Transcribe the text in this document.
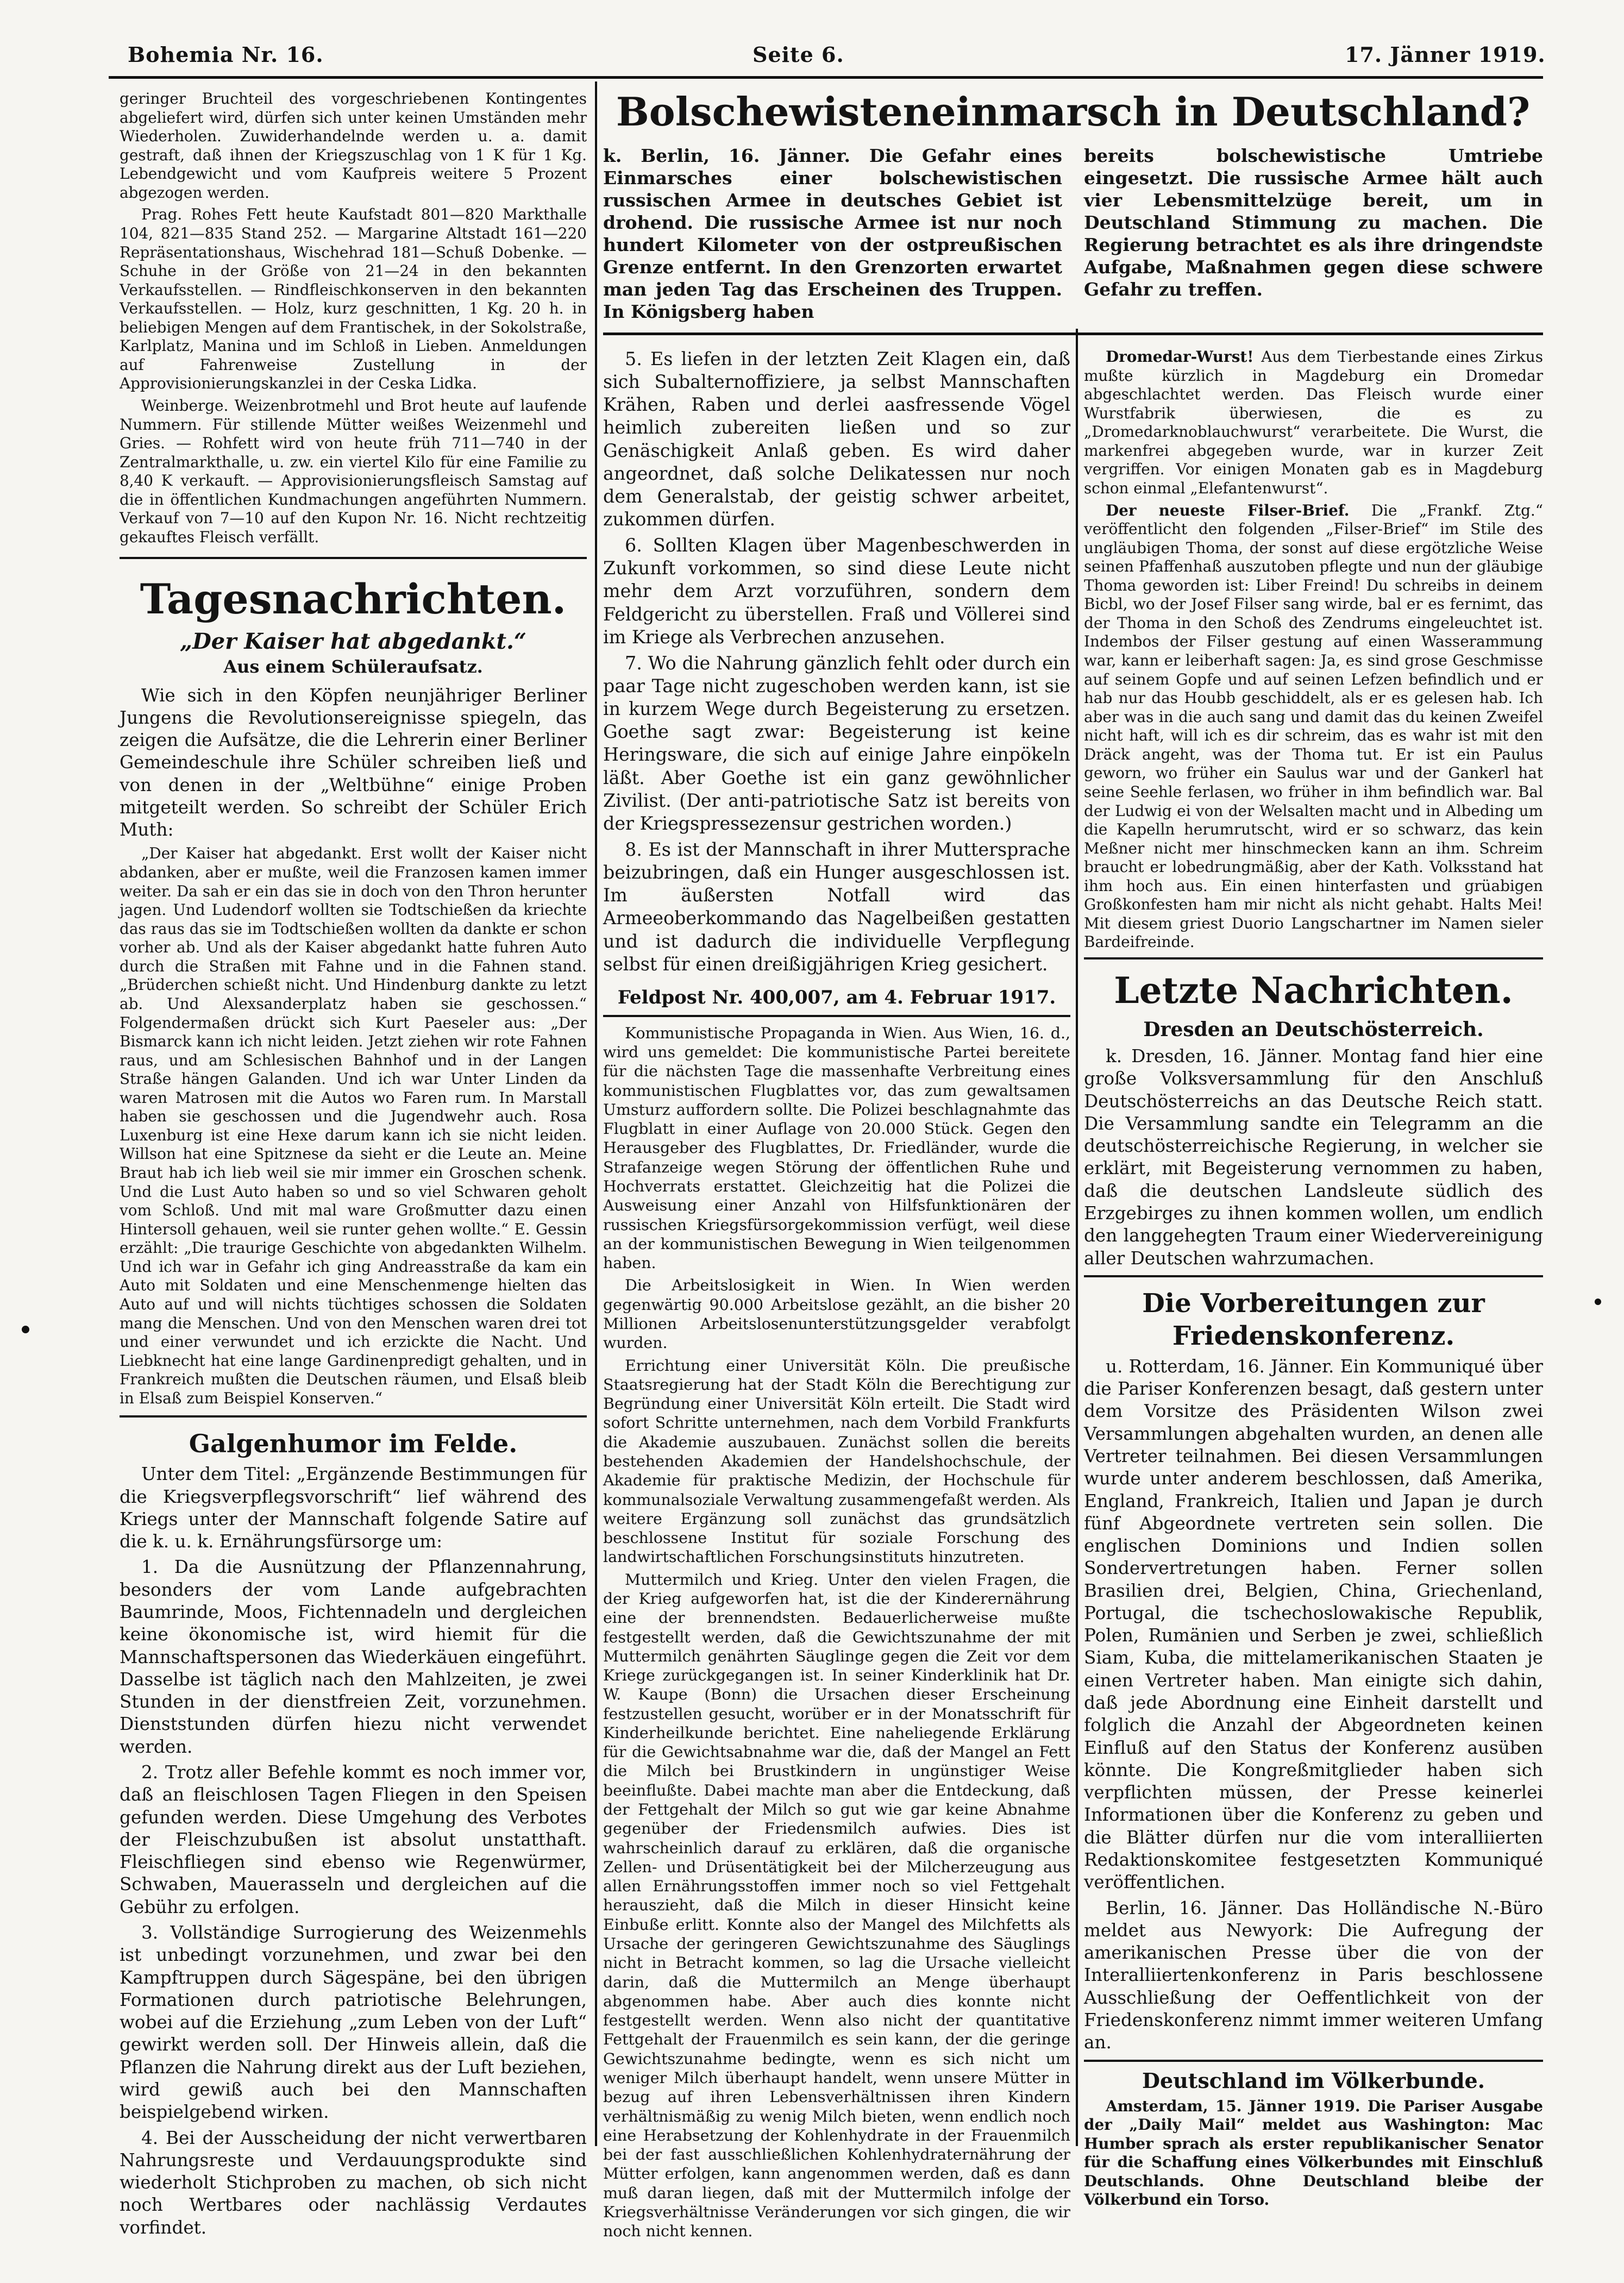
Bohemia Nr. 16.	Seite 6.	17. Jänner 1919.

geringer Bruchteil des vorgeschriebenen Kontingentes abgeliefert wird, dürfen sich unter keinen Umständen mehr Wiederholen. Zuwiderhandelnde werden u. a. damit gestraft, daß ihnen der Kriegszuschlag von 1 K für 1 Kg. Lebendgewicht und vom Kaufpreis weitere 5 Prozent abgezogen werden.

Prag. Rohes Fett heute Kaufstadt 801—820 Markthalle 104, 821—835 Stand 252. — Margarine Altstadt 161—220 Repräsentationshaus, Wischehrad 181—Schuß Dobenke. — Schuhe in der Größe von 21—24 in den bekannten Verkaufsstellen. — Rindfleischkonserven in den bekannten Verkaufsstellen. — Holz, kurz geschnitten, 1 Kg. 20 h. in beliebigen Mengen auf dem Frantischek, in der Sokolstraße, Karlplatz, Manina und im Schloß in Lieben. Anmeldungen auf Fahrenweise Zustellung in der Approvisionierungskanzlei in der Ceska Lidka.

Weinberge. Weizenbrotmehl und Brot heute auf laufende Nummern. Für stillende Mütter weißes Weizenmehl und Gries. — Rohfett wird von heute früh 711—740 in der Zentralmarkthalle, u. zw. ein viertel Kilo für eine Familie zu 8,40 K verkauft. — Approvisionierungsfleisch Samstag auf die in öffentlichen Kundmachungen angeführten Nummern. Verkauf von 7—10 auf den Kupon Nr. 16. Nicht rechtzeitig gekauftes Fleisch verfällt.

Tagesnachrichten.
„Der Kaiser hat abgedankt.“
Aus einem Schüleraufsatz.

Wie sich in den Köpfen neunjähriger Berliner Jungens die Revolutionsereignisse spiegeln, das zeigen die Aufsätze, die die Lehrerin einer Berliner Gemeindeschule ihre Schüler schreiben ließ und von denen in der „Weltbühne“ einige Proben mitgeteilt werden. So schreibt der Schüler Erich Muth:

„Der Kaiser hat abgedankt. Erst wollt der Kaiser nicht abdanken, aber er mußte, weil die Franzosen kamen immer weiter. Da sah er ein das sie in doch von den Thron herunter jagen. Und Ludendorf wollten sie Todtschießen da kriechte das raus das sie im Todtschießen wollten da dankte er schon vorher ab. Und als der Kaiser abgedankt hatte fuhren Auto durch die Straßen mit Fahne und in die Fahnen stand. „Brüderchen schießt nicht. Und Hindenburg dankte zu letzt ab. Und Alexsanderplatz haben sie geschossen.“ Folgendermaßen drückt sich Kurt Paeseler aus: „Der Bismarck kann ich nicht leiden. Jetzt ziehen wir rote Fahnen raus, und am Schlesischen Bahnhof und in der Langen Straße hängen Galanden. Und ich war Unter Linden da waren Matrosen mit die Autos wo Faren rum. In Marstall haben sie geschossen und die Jugendwehr auch. Rosa Luxenburg ist eine Hexe darum kann ich sie nicht leiden. Willson hat eine Spitznese da sieht er die Leute an. Meine Braut hab ich lieb weil sie mir immer ein Groschen schenk. Und die Lust Auto haben so und so viel Schwaren geholt vom Schloß. Und mit mal ware Großmutter dazu einen Hintersoll gehauen, weil sie runter gehen wollte.“ E. Gessin erzählt: „Die traurige Geschichte von abgedankten Wilhelm. Und ich war in Gefahr ich ging Andreasstraße da kam ein Auto mit Soldaten und eine Menschenmenge hielten das Auto auf und will nichts tüchtiges schossen die Soldaten mang die Menschen. Und von den Menschen waren drei tot und einer verwundet und ich erzickte die Nacht. Und Liebknecht hat eine lange Gardinenpredigt gehalten, und in Frankreich mußten die Deutschen räumen, und Elsaß bleib in Elsaß zum Beispiel Konserven.“

Galgenhumor im Felde.

Unter dem Titel: „Ergänzende Bestimmungen für die Kriegsverpflegsvorschrift“ lief während des Kriegs unter der Mannschaft folgende Satire auf die k. u. k. Ernährungsfürsorge um:

1. Da die Ausnützung der Pflanzennahrung, besonders der vom Lande aufgebrachten Baumrinde, Moos, Fichtennadeln und dergleichen keine ökonomische ist, wird hiemit für die Mannschaftspersonen das Wiederkäuen eingeführt. Dasselbe ist täglich nach den Mahlzeiten, je zwei Stunden in der dienstfreien Zeit, vorzunehmen. Dienststunden dürfen hiezu nicht verwendet werden.

2. Trotz aller Befehle kommt es noch immer vor, daß an fleischlosen Tagen Fliegen in den Speisen gefunden werden. Diese Umgehung des Verbotes der Fleischzubußen ist absolut unstatthaft. Fleischfliegen sind ebenso wie Regenwürmer, Schwaben, Mauerasseln und dergleichen auf die Gebühr zu erfolgen.

3. Vollständige Surrogierung des Weizenmehls ist unbedingt vorzunehmen, und zwar bei den Kampftruppen durch Sägespäne, bei den übrigen Formationen durch patriotische Belehrungen, wobei auf die Erziehung „zum Leben von der Luft“ gewirkt werden soll. Der Hinweis allein, daß die Pflanzen die Nahrung direkt aus der Luft beziehen, wird gewiß auch bei den Mannschaften beispielgebend wirken.

4. Bei der Ausscheidung der nicht verwertbaren Nahrungsreste und Verdauungsprodukte sind wiederholt Stichproben zu machen, ob sich nicht noch Wertbares oder nachlässig Verdautes vorfindet.

Bolschewisteneinmarsch in Deutschland?

k. Berlin, 16. Jänner. Die Gefahr eines Einmarsches einer bolschewistischen russischen Armee in deutsches Gebiet ist drohend. Die russische Armee ist nur noch hundert Kilometer von der ostpreußischen Grenze entfernt. In den Grenzorten erwartet man jeden Tag das Erscheinen des Truppen. In Königsberg haben

bereits bolschewistische Umtriebe eingesetzt. Die russische Armee hält auch vier Lebensmittelzüge bereit, um in Deutschland Stimmung zu machen. Die Regierung betrachtet es als ihre dringendste Aufgabe, Maßnahmen gegen diese schwere Gefahr zu treffen.

5. Es liefen in der letzten Zeit Klagen ein, daß sich Subalternoffiziere, ja selbst Mannschaften Krähen, Raben und derlei aasfressende Vögel heimlich zubereiten ließen und so zur Genäschigkeit Anlaß geben. Es wird daher angeordnet, daß solche Delikatessen nur noch dem Generalstab, der geistig schwer arbeitet, zukommen dürfen.

6. Sollten Klagen über Magenbeschwerden in Zukunft vorkommen, so sind diese Leute nicht mehr dem Arzt vorzuführen, sondern dem Feldgericht zu überstellen. Fraß und Völlerei sind im Kriege als Verbrechen anzusehen.

7. Wo die Nahrung gänzlich fehlt oder durch ein paar Tage nicht zugeschoben werden kann, ist sie in kurzem Wege durch Begeisterung zu ersetzen. Goethe sagt zwar: Begeisterung ist keine Heringsware, die sich auf einige Jahre einpökeln läßt. Aber Goethe ist ein ganz gewöhnlicher Zivilist. (Der anti-patriotische Satz ist bereits von der Kriegspressezensur gestrichen worden.)

8. Es ist der Mannschaft in ihrer Muttersprache beizubringen, daß ein Hunger ausgeschlossen ist. Im äußersten Notfall wird das Armeeoberkommando das Nagelbeißen gestatten und ist dadurch die individuelle Verpflegung selbst für einen dreißigjährigen Krieg gesichert.

Feldpost Nr. 400,007, am 4. Februar 1917.

Kommunistische Propaganda in Wien. Aus Wien, 16. d., wird uns gemeldet: Die kommunistische Partei bereitete für die nächsten Tage die massenhafte Verbreitung eines kommunistischen Flugblattes vor, das zum gewaltsamen Umsturz auffordern sollte. Die Polizei beschlagnahmte das Flugblatt in einer Auflage von 20.000 Stück. Gegen den Herausgeber des Flugblattes, Dr. Friedländer, wurde die Strafanzeige wegen Störung der öffentlichen Ruhe und Hochverrats erstattet. Gleichzeitig hat die Polizei die Ausweisung einer Anzahl von Hilfsfunktionären der russischen Kriegsfürsorgekommission verfügt, weil diese an der kommunistischen Bewegung in Wien teilgenommen haben.

Die Arbeitslosigkeit in Wien. In Wien werden gegenwärtig 90.000 Arbeitslose gezählt, an die bisher 20 Millionen Arbeitslosenunterstützungsgelder verabfolgt wurden.

Errichtung einer Universität Köln. Die preußische Staatsregierung hat der Stadt Köln die Berechtigung zur Begründung einer Universität Köln erteilt. Die Stadt wird sofort Schritte unternehmen, nach dem Vorbild Frankfurts die Akademie auszubauen. Zunächst sollen die bereits bestehenden Akademien der Handelshochschule, der Akademie für praktische Medizin, der Hochschule für kommunalsoziale Verwaltung zusammengefaßt werden. Als weitere Ergänzung soll zunächst das grundsätzlich beschlossene Institut für soziale Forschung des landwirtschaftlichen Forschungsinstituts hinzutreten.

Muttermilch und Krieg. Unter den vielen Fragen, die der Krieg aufgeworfen hat, ist die der Kinderernährung eine der brennendsten. Bedauerlicherweise mußte festgestellt werden, daß die Gewichtszunahme der mit Muttermilch genährten Säuglinge gegen die Zeit vor dem Kriege zurückgegangen ist. In seiner Kinderklinik hat Dr. W. Kaupe (Bonn) die Ursachen dieser Erscheinung festzustellen gesucht, worüber er in der Monatsschrift für Kinderheilkunde berichtet. Eine naheliegende Erklärung für die Gewichtsabnahme war die, daß der Mangel an Fett die Milch bei Brustkindern in ungünstiger Weise beeinflußte. Dabei machte man aber die Entdeckung, daß der Fettgehalt der Milch so gut wie gar keine Abnahme gegenüber der Friedensmilch aufwies. Dies ist wahrscheinlich darauf zu erklären, daß die organische Zellen- und Drüsentätigkeit bei der Milcherzeugung aus allen Ernährungsstoffen immer noch so viel Fettgehalt herauszieht, daß die Milch in dieser Hinsicht keine Einbuße erlitt. Konnte also der Mangel des Milchfetts als Ursache der geringeren Gewichtszunahme des Säuglings nicht in Betracht kommen, so lag die Ursache vielleicht darin, daß die Muttermilch an Menge überhaupt abgenommen habe. Aber auch dies konnte nicht festgestellt werden. Wenn also nicht der quantitative Fettgehalt der Frauenmilch es sein kann, der die geringe Gewichtszunahme bedingte, wenn es sich nicht um weniger Milch überhaupt handelt, wenn unsere Mütter in bezug auf ihren Lebensverhältnissen ihren Kindern verhältnismäßig zu wenig Milch bieten, wenn endlich noch eine Herabsetzung der Kohlenhydrate in der Frauenmilch bei der fast ausschließlichen Kohlenhydraternährung der Mütter erfolgen, kann angenommen werden, daß es dann muß daran liegen, daß mit der Muttermilch infolge der Kriegsverhältnisse Veränderungen vor sich gingen, die wir noch nicht kennen.

Dromedar-Wurst! Aus dem Tierbestande eines Zirkus mußte kürzlich in Magdeburg ein Dromedar abgeschlachtet werden. Das Fleisch wurde einer Wurstfabrik überwiesen, die es zu „Dromedarknoblauchwurst“ verarbeitete. Die Wurst, die markenfrei abgegeben wurde, war in kurzer Zeit vergriffen. Vor einigen Monaten gab es in Magdeburg schon einmal „Elefantenwurst“.

Der neueste Filser-Brief. Die „Frankf. Ztg.“ veröffentlicht den folgenden „Filser-Brief“ im Stile des ungläubigen Thoma, der sonst auf diese ergötzliche Weise seinen Pfaffenhaß auszutoben pflegte und nun der gläubige Thoma geworden ist: Liber Freind! Du schreibs in deinem Bicbl, wo der Josef Filser sang wirde, bal er es fernimt, das der Thoma in den Schoß des Zendrums eingeleuchtet ist. Indembos der Filser gestung auf einen Wasserammung war, kann er leiberhaft sagen: Ja, es sind grose Geschmisse auf seinem Gopfe und auf seinen Lefzen befindlich und er hab nur das Houbb geschiddelt, als er es gelesen hab. Ich aber was in die auch sang und damit das du keinen Zweifel nicht haft, will ich es dir schreim, das es wahr ist mit den Dräck angeht, was der Thoma tut. Er ist ein Paulus geworn, wo früher ein Saulus war und der Gankerl hat seine Seehle ferlasen, wo früher in ihm befindlich war. Bal der Ludwig ei von der Welsalten macht und in Albeding um die Kapelln herumrutscht, wird er so schwarz, das kein Meßner nicht mer hinschmecken kann an ihm. Schreim braucht er lobedrungmäßig, aber der Kath. Volksstand hat ihm hoch aus. Ein einen hinterfasten und grüabigen Großkonfesten ham mir nicht als nicht gehabt. Halts Mei! Mit diesem griest Duorio Langschartner im Namen sieler Bardeifreinde.

Letzte Nachrichten.
Dresden an Deutschösterreich.

k. Dresden, 16. Jänner. Montag fand hier eine große Volksversammlung für den Anschluß Deutschösterreichs an das Deutsche Reich statt. Die Versammlung sandte ein Telegramm an die deutschösterreichische Regierung, in welcher sie erklärt, mit Begeisterung vernommen zu haben, daß die deutschen Landsleute südlich des Erzgebirges zu ihnen kommen wollen, um endlich den langgehegten Traum einer Wiedervereinigung aller Deutschen wahrzumachen.

Die Vorbereitungen zur Friedenskonferenz.

u. Rotterdam, 16. Jänner. Ein Kommuniqué über die Pariser Konferenzen besagt, daß gestern unter dem Vorsitze des Präsidenten Wilson zwei Versammlungen abgehalten wurden, an denen alle Vertreter teilnahmen. Bei diesen Versammlungen wurde unter anderem beschlossen, daß Amerika, England, Frankreich, Italien und Japan je durch fünf Abgeordnete vertreten sein sollen. Die englischen Dominions und Indien sollen Sondervertretungen haben. Ferner sollen Brasilien drei, Belgien, China, Griechenland, Portugal, die tschechoslowakische Republik, Polen, Rumänien und Serben je zwei, schließlich Siam, Kuba, die mittelamerikanischen Staaten je einen Vertreter haben. Man einigte sich dahin, daß jede Abordnung eine Einheit darstellt und folglich die Anzahl der Abgeordneten keinen Einfluß auf den Status der Konferenz ausüben könnte. Die Kongreßmitglieder haben sich verpflichten müssen, der Presse keinerlei Informationen über die Konferenz zu geben und die Blätter dürfen nur die vom interalliierten Redaktionskomitee festgesetzten Kommuniqué veröffentlichen.

Berlin, 16. Jänner. Das Holländische N.-Büro meldet aus Newyork: Die Aufregung der amerikanischen Presse über die von der Interalliiertenkonferenz in Paris beschlossene Ausschließung der Oeffentlichkeit von der Friedenskonferenz nimmt immer weiteren Umfang an.

Deutschland im Völkerbunde.

Amsterdam, 15. Jänner 1919. Die Pariser Ausgabe der „Daily Mail“ meldet aus Washington: Mac Humber sprach als erster republikanischer Senator für die Schaffung eines Völkerbundes mit Einschluß Deutschlands. Ohne Deutschland bleibe der Völkerbund ein Torso.
